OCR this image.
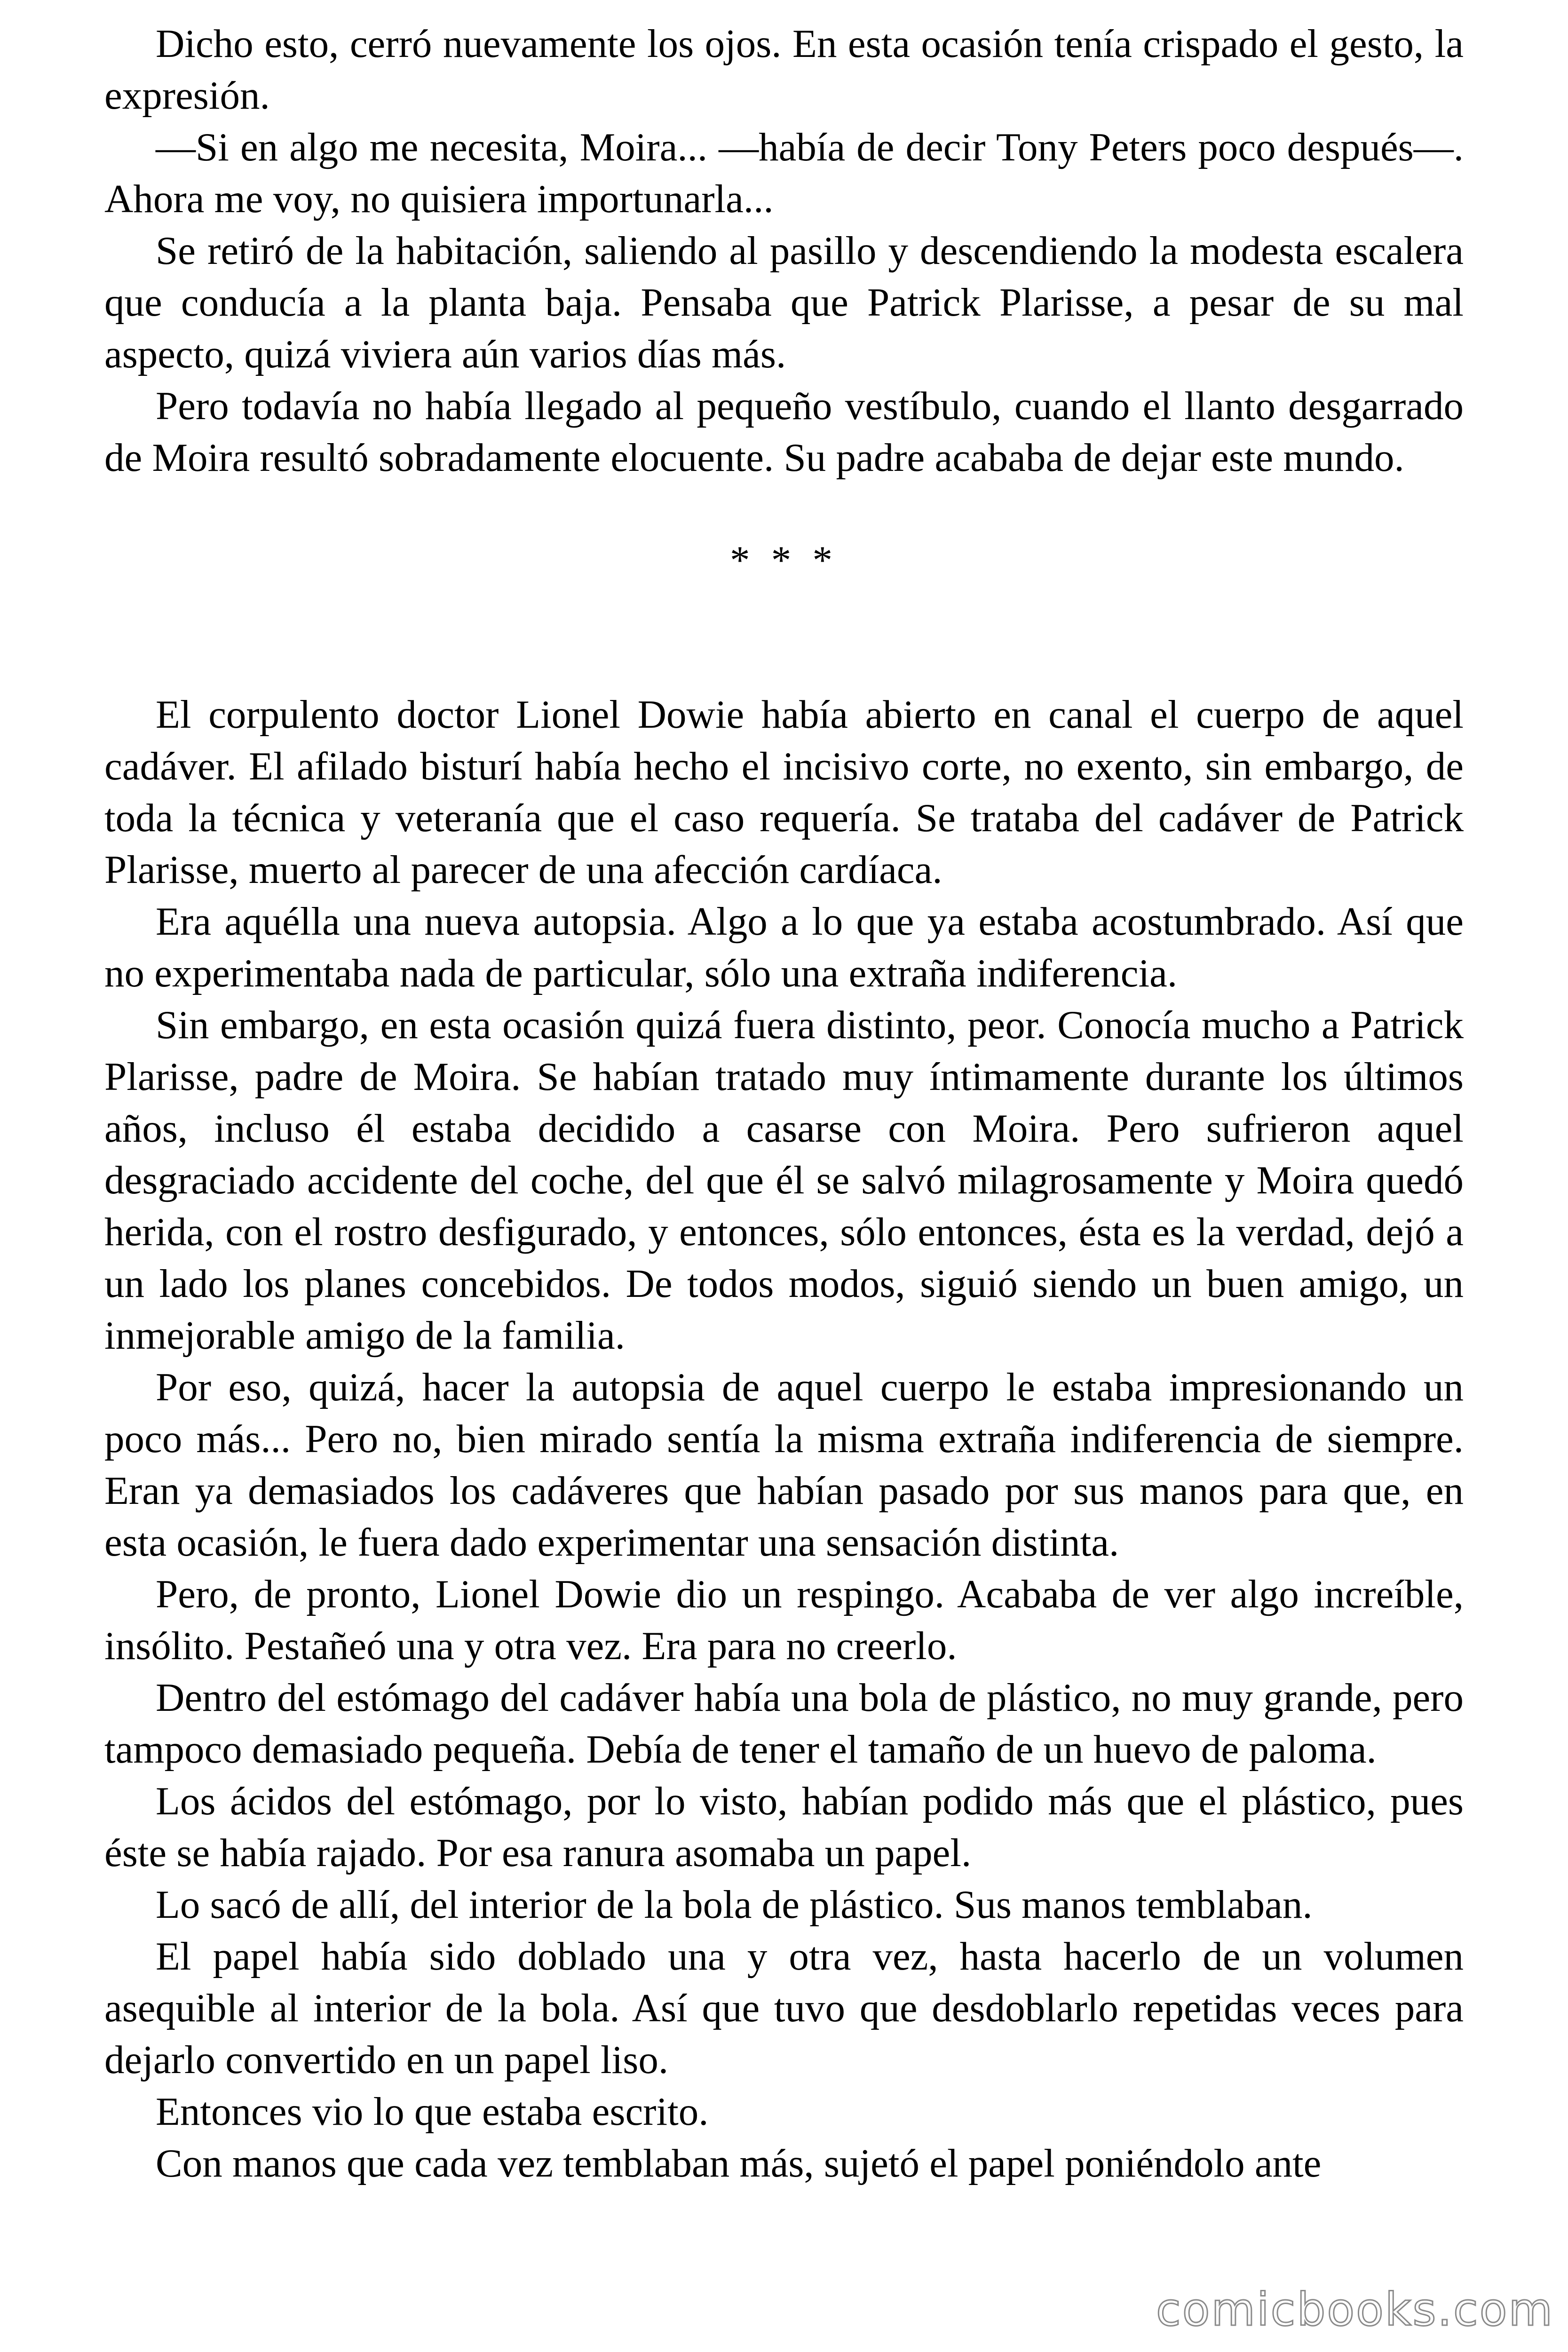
Dicho esto, cerró nuevamente los ojos. En esta ocasión tenía crispado el gesto, la expresión.

—Si en algo me necesita, Moira... —había de decir Tony Peters poco después—. Ahora me voy, no quisiera importunarla...

Se retiró de la habitación, saliendo al pasillo y descendiendo la modesta escalera que conducía a la planta baja. Pensaba que Patrick Plarisse, a pesar de su mal aspecto, quizá viviera aún varios días más.

Pero todavía no había llegado al pequeño vestíbulo, cuando el llanto desgarrado de Moira resultó sobradamente elocuente. Su padre acababa de dejar este mundo.

* * *

El corpulento doctor Lionel Dowie había abierto en canal el cuerpo de aquel cadáver. El afilado bisturí había hecho el incisivo corte, no exento, sin embargo, de toda la técnica y veteranía que el caso requería. Se trataba del cadáver de Patrick Plarisse, muerto al parecer de una afección cardíaca.

Era aquélla una nueva autopsia. Algo a lo que ya estaba acostumbrado. Así que no experimentaba nada de particular, sólo una extraña indiferencia.

Sin embargo, en esta ocasión quizá fuera distinto, peor. Conocía mucho a Patrick Plarisse, padre de Moira. Se habían tratado muy íntimamente durante los últimos años, incluso él estaba decidido a casarse con Moira. Pero sufrieron aquel desgraciado accidente del coche, del que él se salvó milagrosamente y Moira quedó herida, con el rostro desfigurado, y entonces, sólo entonces, ésta es la verdad, dejó a un lado los planes concebidos. De todos modos, siguió siendo un buen amigo, un inmejorable amigo de la familia.

Por eso, quizá, hacer la autopsia de aquel cuerpo le estaba impresionando un poco más... Pero no, bien mirado sentía la misma extraña indiferencia de siempre. Eran ya demasiados los cadáveres que habían pasado por sus manos para que, en esta ocasión, le fuera dado experimentar una sensación distinta.

Pero, de pronto, Lionel Dowie dio un respingo. Acababa de ver algo increíble, insólito. Pestañeó una y otra vez. Era para no creerlo.

Dentro del estómago del cadáver había una bola de plástico, no muy grande, pero tampoco demasiado pequeña. Debía de tener el tamaño de un huevo de paloma.

Los ácidos del estómago, por lo visto, habían podido más que el plástico, pues éste se había rajado. Por esa ranura asomaba un papel.

Lo sacó de allí, del interior de la bola de plástico. Sus manos temblaban.

El papel había sido doblado una y otra vez, hasta hacerlo de un volumen asequible al interior de la bola. Así que tuvo que desdoblarlo repetidas veces para dejarlo convertido en un papel liso.

Entonces vio lo que estaba escrito.

Con manos que cada vez temblaban más, sujetó el papel poniéndolo ante

comicbooks.com
